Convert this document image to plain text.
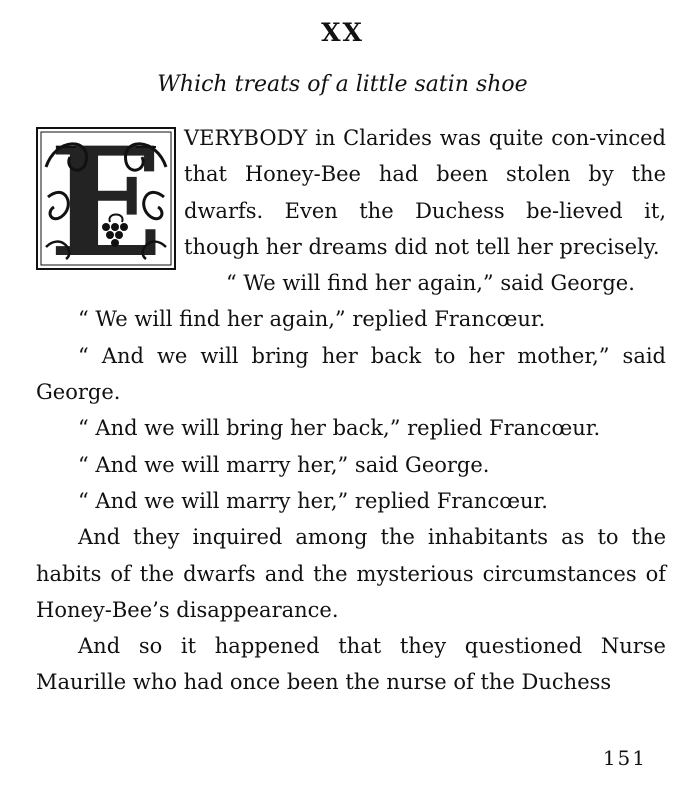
XX
Which treats of a little satin shoe

E VERYBODY in Clarides was quite con-vinced that Honey-Bee had been stolen by the dwarfs. Even the Duchess be-lieved it, though her dreams did not tell her precisely.

“ We will find her again,” said George.

“ We will find her again,” replied Francœur.

“ And we will bring her back to her mother,” said George.

“ And we will bring her back,” replied Francœur.

“ And we will marry her,” said George.

“ And we will marry her,” replied Francœur.

And they inquired among the inhabitants as to the habits of the dwarfs and the mysterious circumstances of Honey-Bee’s disappearance.

And so it happened that they questioned Nurse Maurille who had once been the nurse of the Duchess

151
